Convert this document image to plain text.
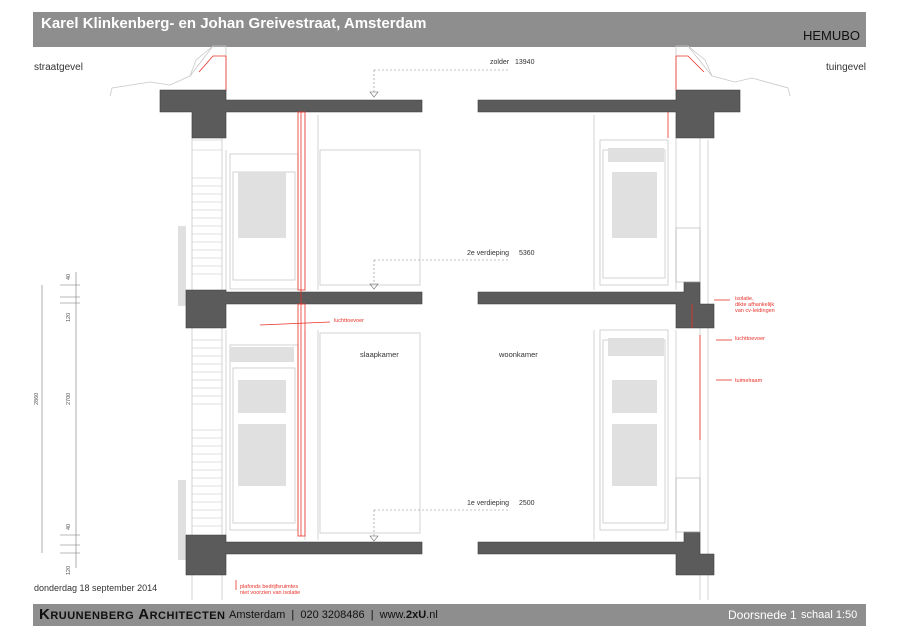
Karel Klinkenberg- en Johan Greivestraat, Amsterdam
HEMUBO
straatgevel	tuingevel
40
120
2700
2860
40
120
zolder 13940
2e verdieping 5360
1e verdieping 2500
slaapkamer	woonkamer
luchttoevoer
isolatie,
dikte afhankelijk
van cv-leidingen
luchttoevoer
tuimelraam
plafonds bedrijfsruimtes
niet voorzien van isolatie
donderdag 18 september 2014
Kruunenberg Architecten Amsterdam  |  020 3208486  |  www.2xU.nl	Doorsnede 1 schaal 1:50
